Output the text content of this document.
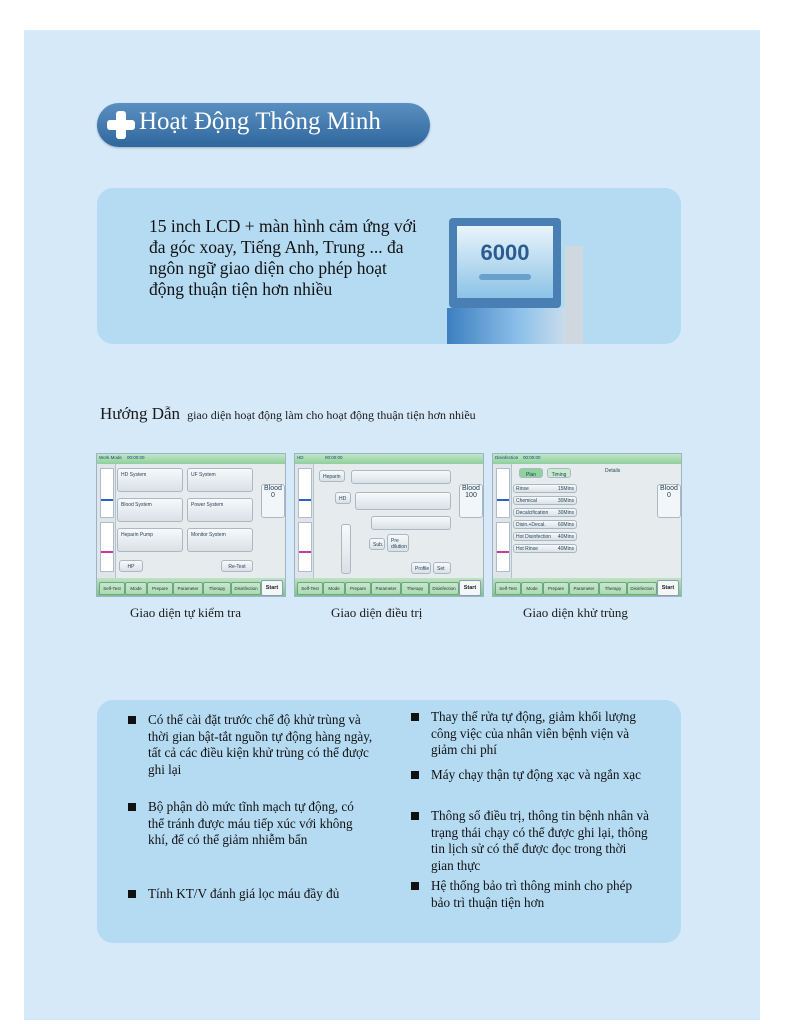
Hoạt Động Thông Minh
15 inch LCD + màn hình cảm ứng với đa góc xoay, Tiếng Anh, Trung ... đa ngôn ngữ giao diện cho phép hoạt động thuận tiện hơn nhiều
6000
Hướng Dẫn giao diện hoạt động làm cho hoạt động thuận tiện hơn nhiều
Work Mode 00:00:00
HD System	UF System
Blood System	Power System
Heparin Pump	Monitor System
HP	Re-Test
Blood
0
Self-Test	Mode	Prepare	Parameter	Therapy	Disinfection	Start
HD	00:00:00
Heparin
HD
Sub.
Pre dilution
Profile	Set
Blood
100
Self-Test	Mode	Prepare	Parameter	Therapy	Disinfection	Start
Disinfection 00:00:00
Plan	Timing
Details
Rinse	15Mins
Chemical	30Mins
Decalcification 30Mins
Disin.+Decal. 60Mins
Hot Disinfection 40Mins
Hot Rinse	40Mins
Blood
0
Self-Test	Mode	Prepare	Parameter	Therapy	Disinfection	Start
Giao diện tự kiểm tra	Giao diện điều trị	Giao diện khử trùng
Có thể cài đặt trước chế độ khử trùng và thời gian bật-tắt nguồn tự động hàng ngày, tất cả các điều kiện khử trùng có thể được ghi lại
Bộ phận dò mức tĩnh mạch tự động, có thể tránh được máu tiếp xúc với không khí, để có thể giảm nhiễm bẩn
Tính KT/V đánh giá lọc máu đầy đủ
Thay thế rửa tự động, giảm khối lượng công việc của nhân viên bệnh viện và giảm chi phí
Máy chạy thận tự động xạc và ngắn xạc
Thông số điều trị, thông tin bệnh nhân và trạng thái chạy có thể được ghi lại, thông tin lịch sử có thể được đọc trong thời gian thực
Hệ thống bảo trì thông minh cho phép bảo trì thuận tiện hơn
